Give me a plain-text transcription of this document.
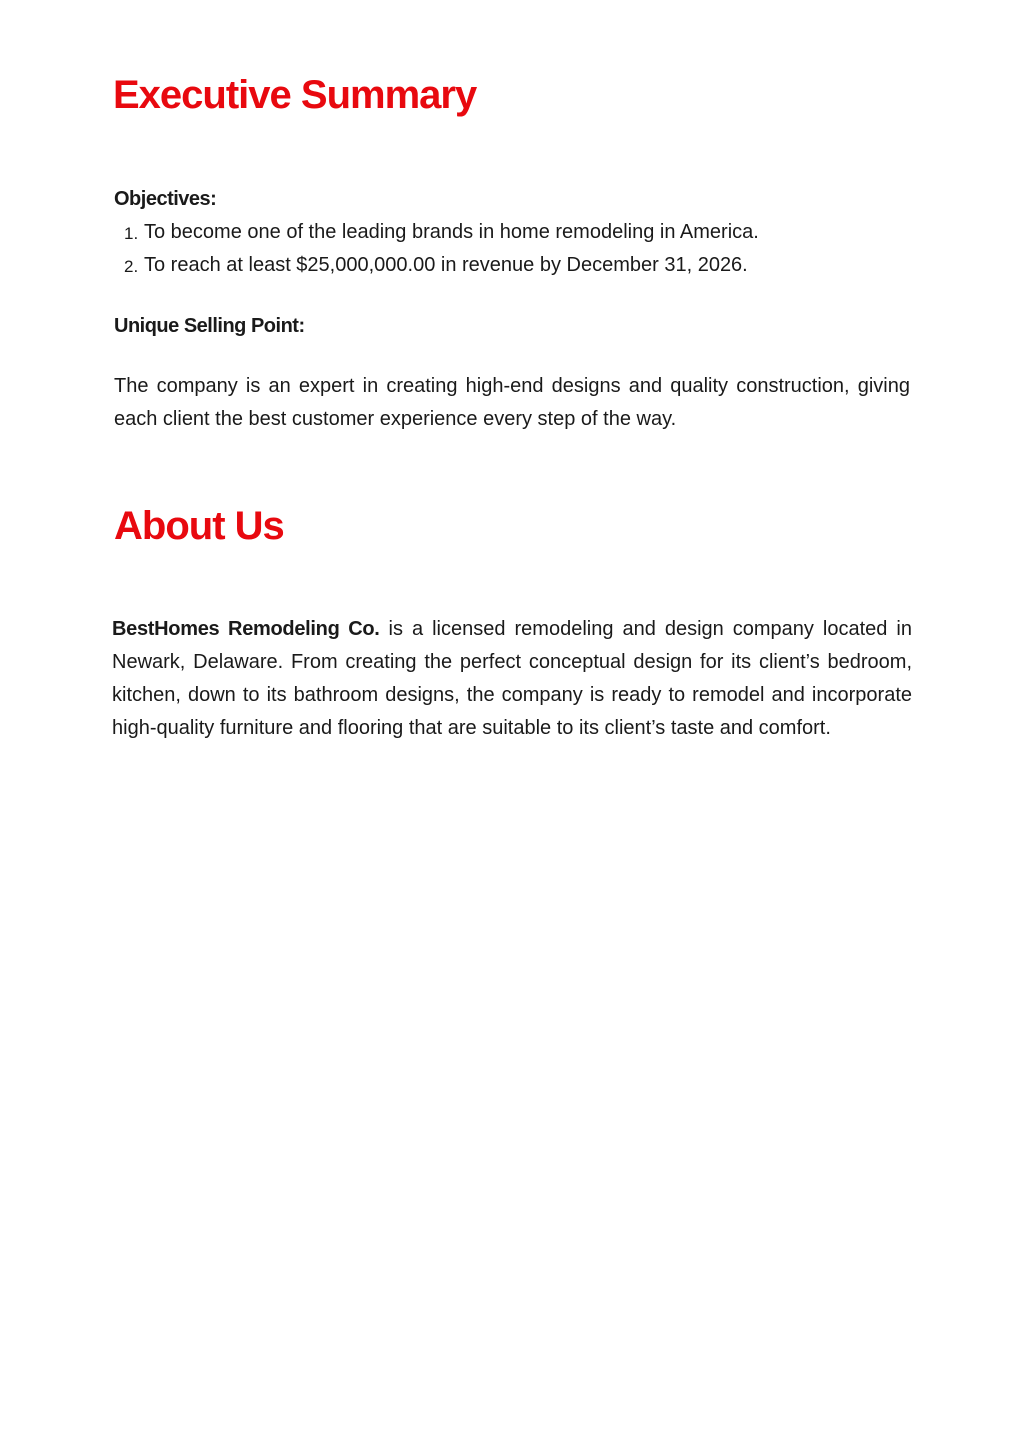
Executive Summary
Objectives:
1. To become one of the leading brands in home remodeling in America.
2. To reach at least $25,000,000.00 in revenue by December 31, 2026.
Unique Selling Point:

The company is an expert in creating high-end designs and quality construction, giving each client the best customer experience every step of the way.

About Us

BestHomes Remodeling Co. is a licensed remodeling and design company located in Newark, Delaware. From creating the perfect conceptual design for its client’s bedroom, kitchen, down to its bathroom designs, the company is ready to remodel and incorporate high-quality furniture and flooring that are suitable to its client’s taste and comfort.
